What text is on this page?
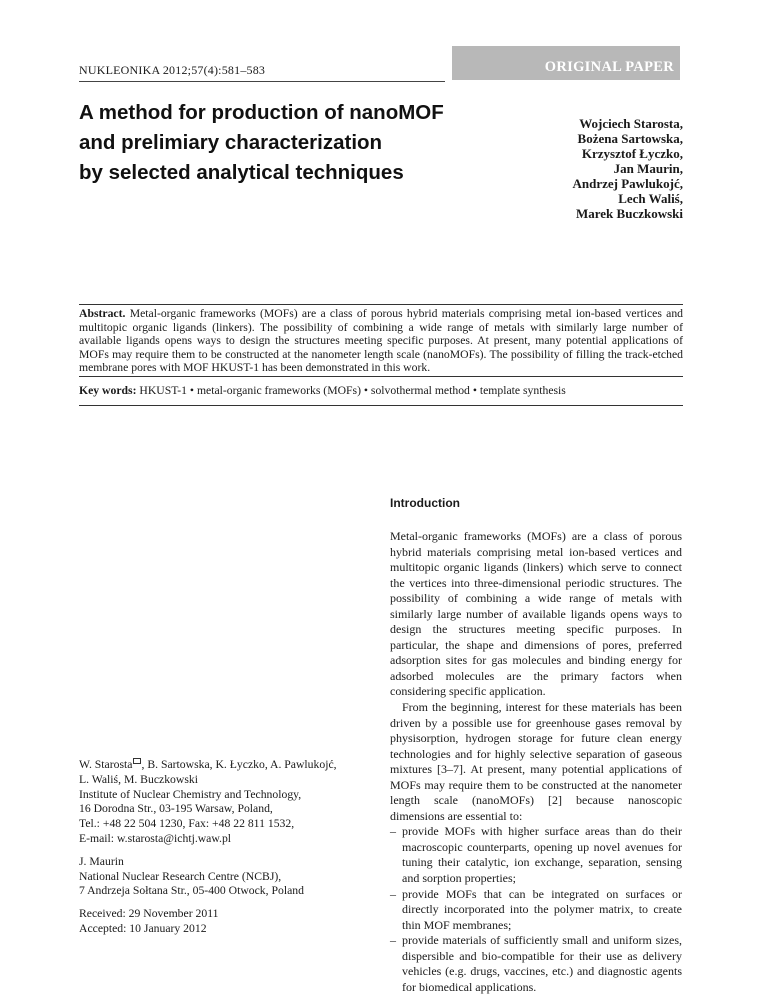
NUKLEONIKA 2012;57(4):581–583	ORIGINAL PAPER
A method for production of nanoMOF
and prelimiary characterization
by selected analytical techniques
Wojciech Starosta,
Bożena Sartowska,
Krzysztof Łyczko,
Jan Maurin,
Andrzej Pawlukojć,
Lech Waliś,
Marek Buczkowski
Abstract. Metal-organic frameworks (MOFs) are a class of porous hybrid materials comprising metal ion-based vertices and multitopic organic ligands (linkers). The possibility of combining a wide range of metals with similarly large number of available ligands opens ways to design the structures meeting specific purposes. At present, many potential applications of MOFs may require them to be constructed at the nanometer length scale (nanoMOFs). The possibility of filling the track-etched membrane pores with MOF HKUST-1 has been demonstrated in this work.
Key words: HKUST-1 • metal-organic frameworks (MOFs) • solvothermal method • template synthesis
W. Starosta , B. Sartowska, K. Łyczko, A. Pawlukojć,
L. Waliś, M. Buczkowski
Institute of Nuclear Chemistry and Technology,
16 Dorodna Str., 03-195 Warsaw, Poland,
Tel.: +48 22 504 1230, Fax: +48 22 811 1532,
E-mail: w.starosta@ichtj.waw.pl
J. Maurin
National Nuclear Research Centre (NCBJ),
7 Andrzeja Sołtana Str., 05-400 Otwock, Poland
Received: 29 November 2011
Accepted: 10 January 2012
Introduction

Metal-organic frameworks (MOFs) are a class of porous hybrid materials comprising metal ion-based vertices and multitopic organic ligands (linkers) which serve to connect the vertices into three-dimensional periodic structures. The possibility of combining a wide range of metals with similarly large number of available ligands opens ways to design the structures meeting specific purposes. In particular, the shape and dimensions of pores, preferred adsorption sites for gas molecules and binding energy for adsorbed molecules are the primary factors when considering specific application.

From the beginning, interest for these materials has been driven by a possible use for greenhouse gases removal by physisorption, hydrogen storage for future clean energy technologies and for highly selective separation of gaseous mixtures [3–7]. At present, many potential applications of MOFs may require them to be constructed at the nanometer length scale (nanoMOFs) [2] because nanoscopic dimensions are essential to:

– provide MOFs with higher surface areas than do their macroscopic counterparts, opening up novel avenues for tuning their catalytic, ion exchange, separation, sensing and sorption properties;
– provide MOFs that can be integrated on surfaces or directly incorporated into the polymer matrix, to create thin MOF membranes;
– provide materials of sufficiently small and uniform sizes, dispersible and bio-compatible for their use as delivery vehicles (e.g. drugs, vaccines, etc.) and diagnostic agents for biomedical applications.
